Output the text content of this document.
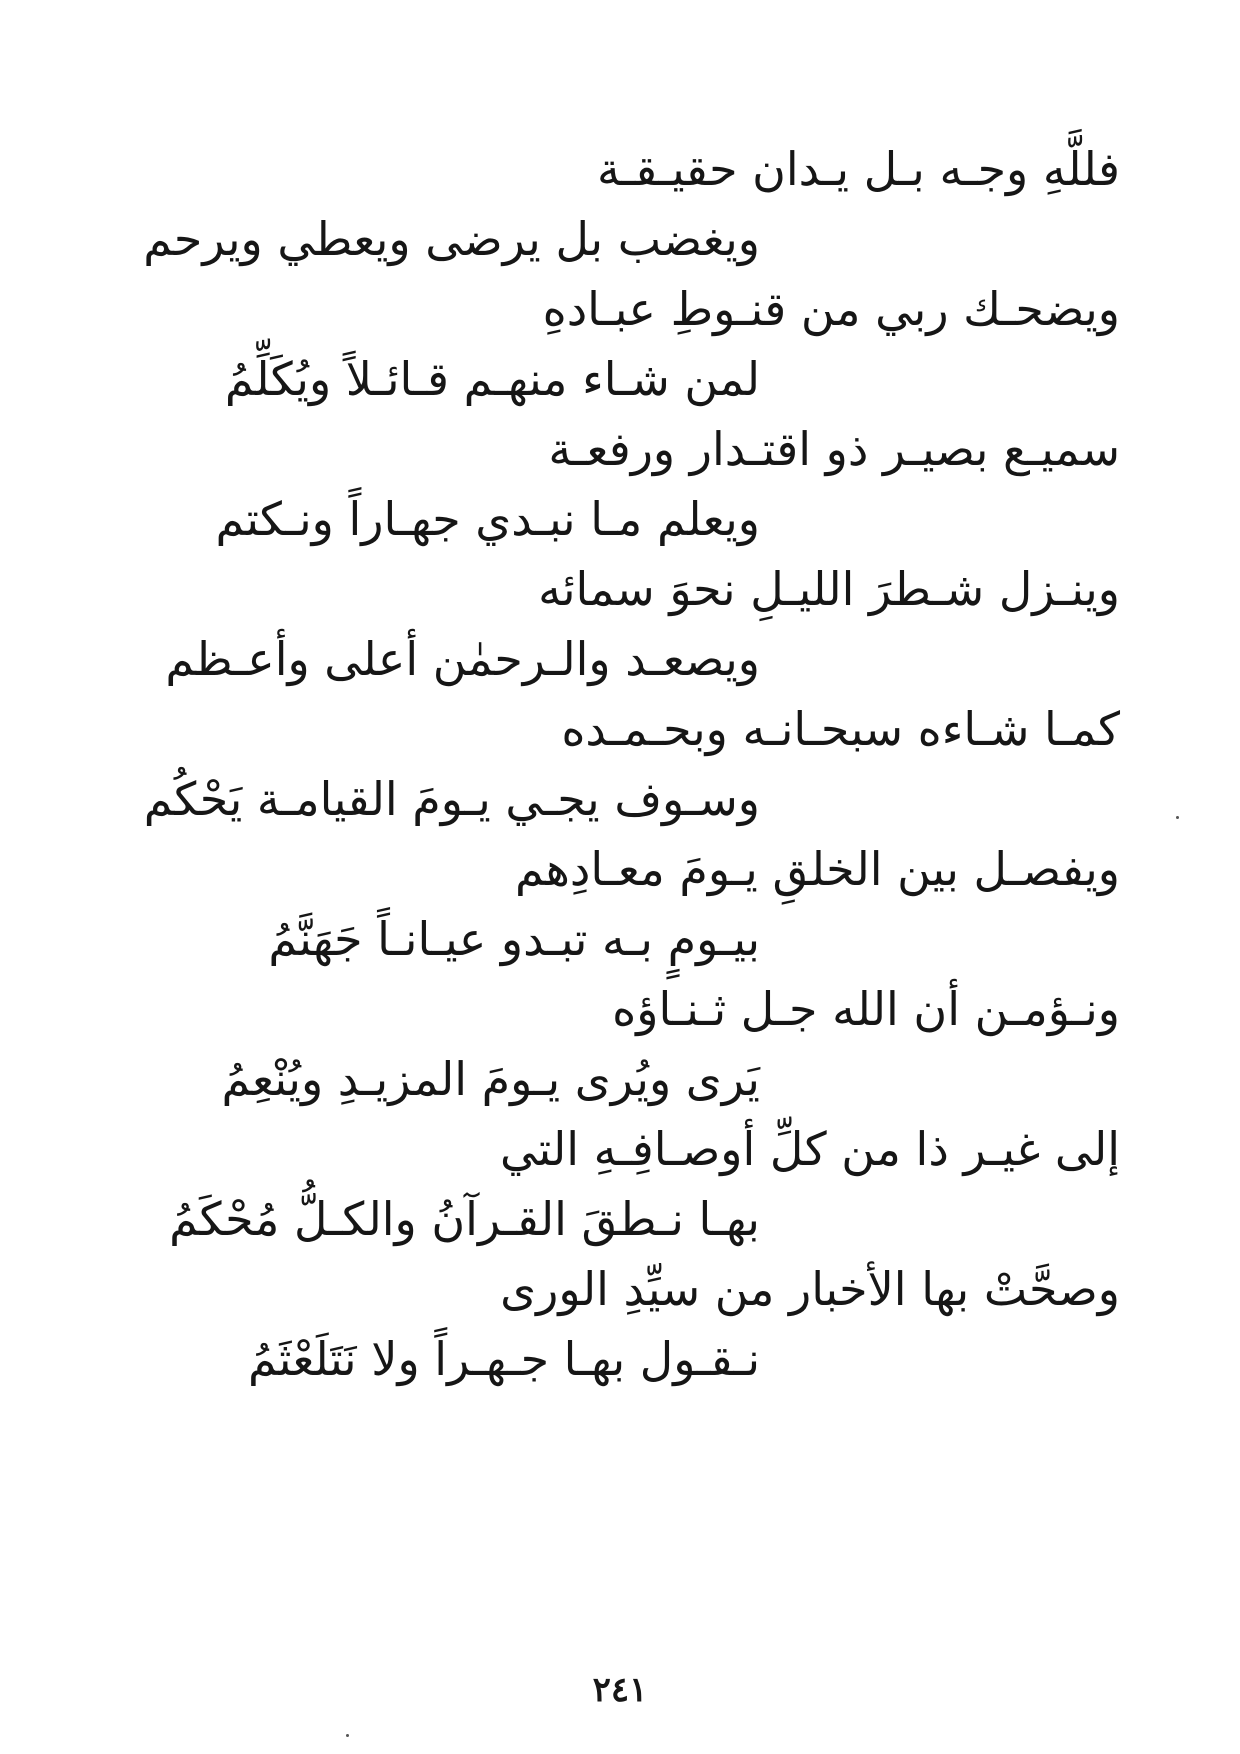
فللَّهِ وجـه بـل يـدان حقيـقـة
ويغضب بل يرضى ويعطي ويرحم
ويضحـك ربي من قنـوطِ عبـادهِ
لمن شـاء منهـم قـائـلاً ويُكَلِّمُ
سميـع بصيـر ذو اقتـدار ورفعـة
ويعلم مـا نبـدي جهـاراً ونـكتم
وينـزل شـطرَ الليـلِ نحوَ سمائه
ويصعـد والـرحمٰن أعلى وأعـظم
كمـا شـاءه سبحـانـه وبحـمـده
وسـوف يجـي يـومَ القيامـة يَحْكُم
ويفصـل بين الخلقِ يـومَ معـادِهم
بيـومٍ بـه تبـدو عيـانـاً جَهَنَّمُ
ونـؤمـن أن الله جـل ثـنـاؤه
يَرى ويُرى يـومَ المزيـدِ ويُنْعِمُ
إلى غيـر ذا من كلِّ أوصـافِـهِ التي
بهـا نـطقَ القـرآنُ والكـلُّ مُحْكَمُ
وصحَّتْ بها الأخبار من سيِّدِ الورى
نـقـول بهـا جـهـراً ولا نَتَلَعْثَمُ
٢٤١
